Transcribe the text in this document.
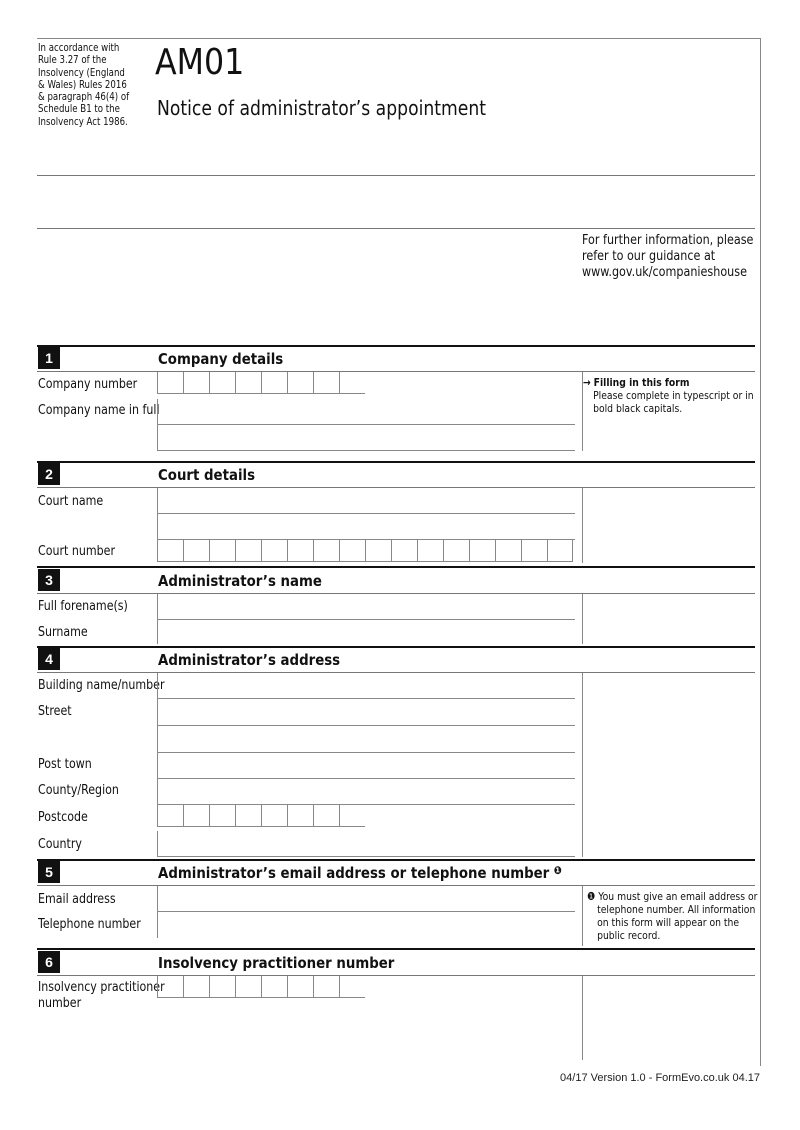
In accordance with
Rule 3.27 of the
Insolvency (England
& Wales) Rules 2016
& paragraph 46(4) of
Schedule B1 to the
Insolvency Act 1986.
AM01
Notice of administrator’s appointment
For further information, please
refer to our guidance at
www.gov.uk/companieshouse
1	Company details
Company number
Company name in full
→ Filling in this form
Please complete in typescript or in
bold black capitals.
2	Court details
Court name
Court number
3	Administrator’s name
Full forename(s)
Surname
4	Administrator’s address
Building name/number
Street
Post town
County/Region
Postcode
Country
5	Administrator’s email address or telephone number $^❶$
Email address
Telephone number
❶ You must give an email address or
telephone number. All information
on this form will appear on the
public record.
6	Insolvency practitioner number
Insolvency practitioner
number
04/17 Version 1.0 - FormEvo.co.uk 04.17
